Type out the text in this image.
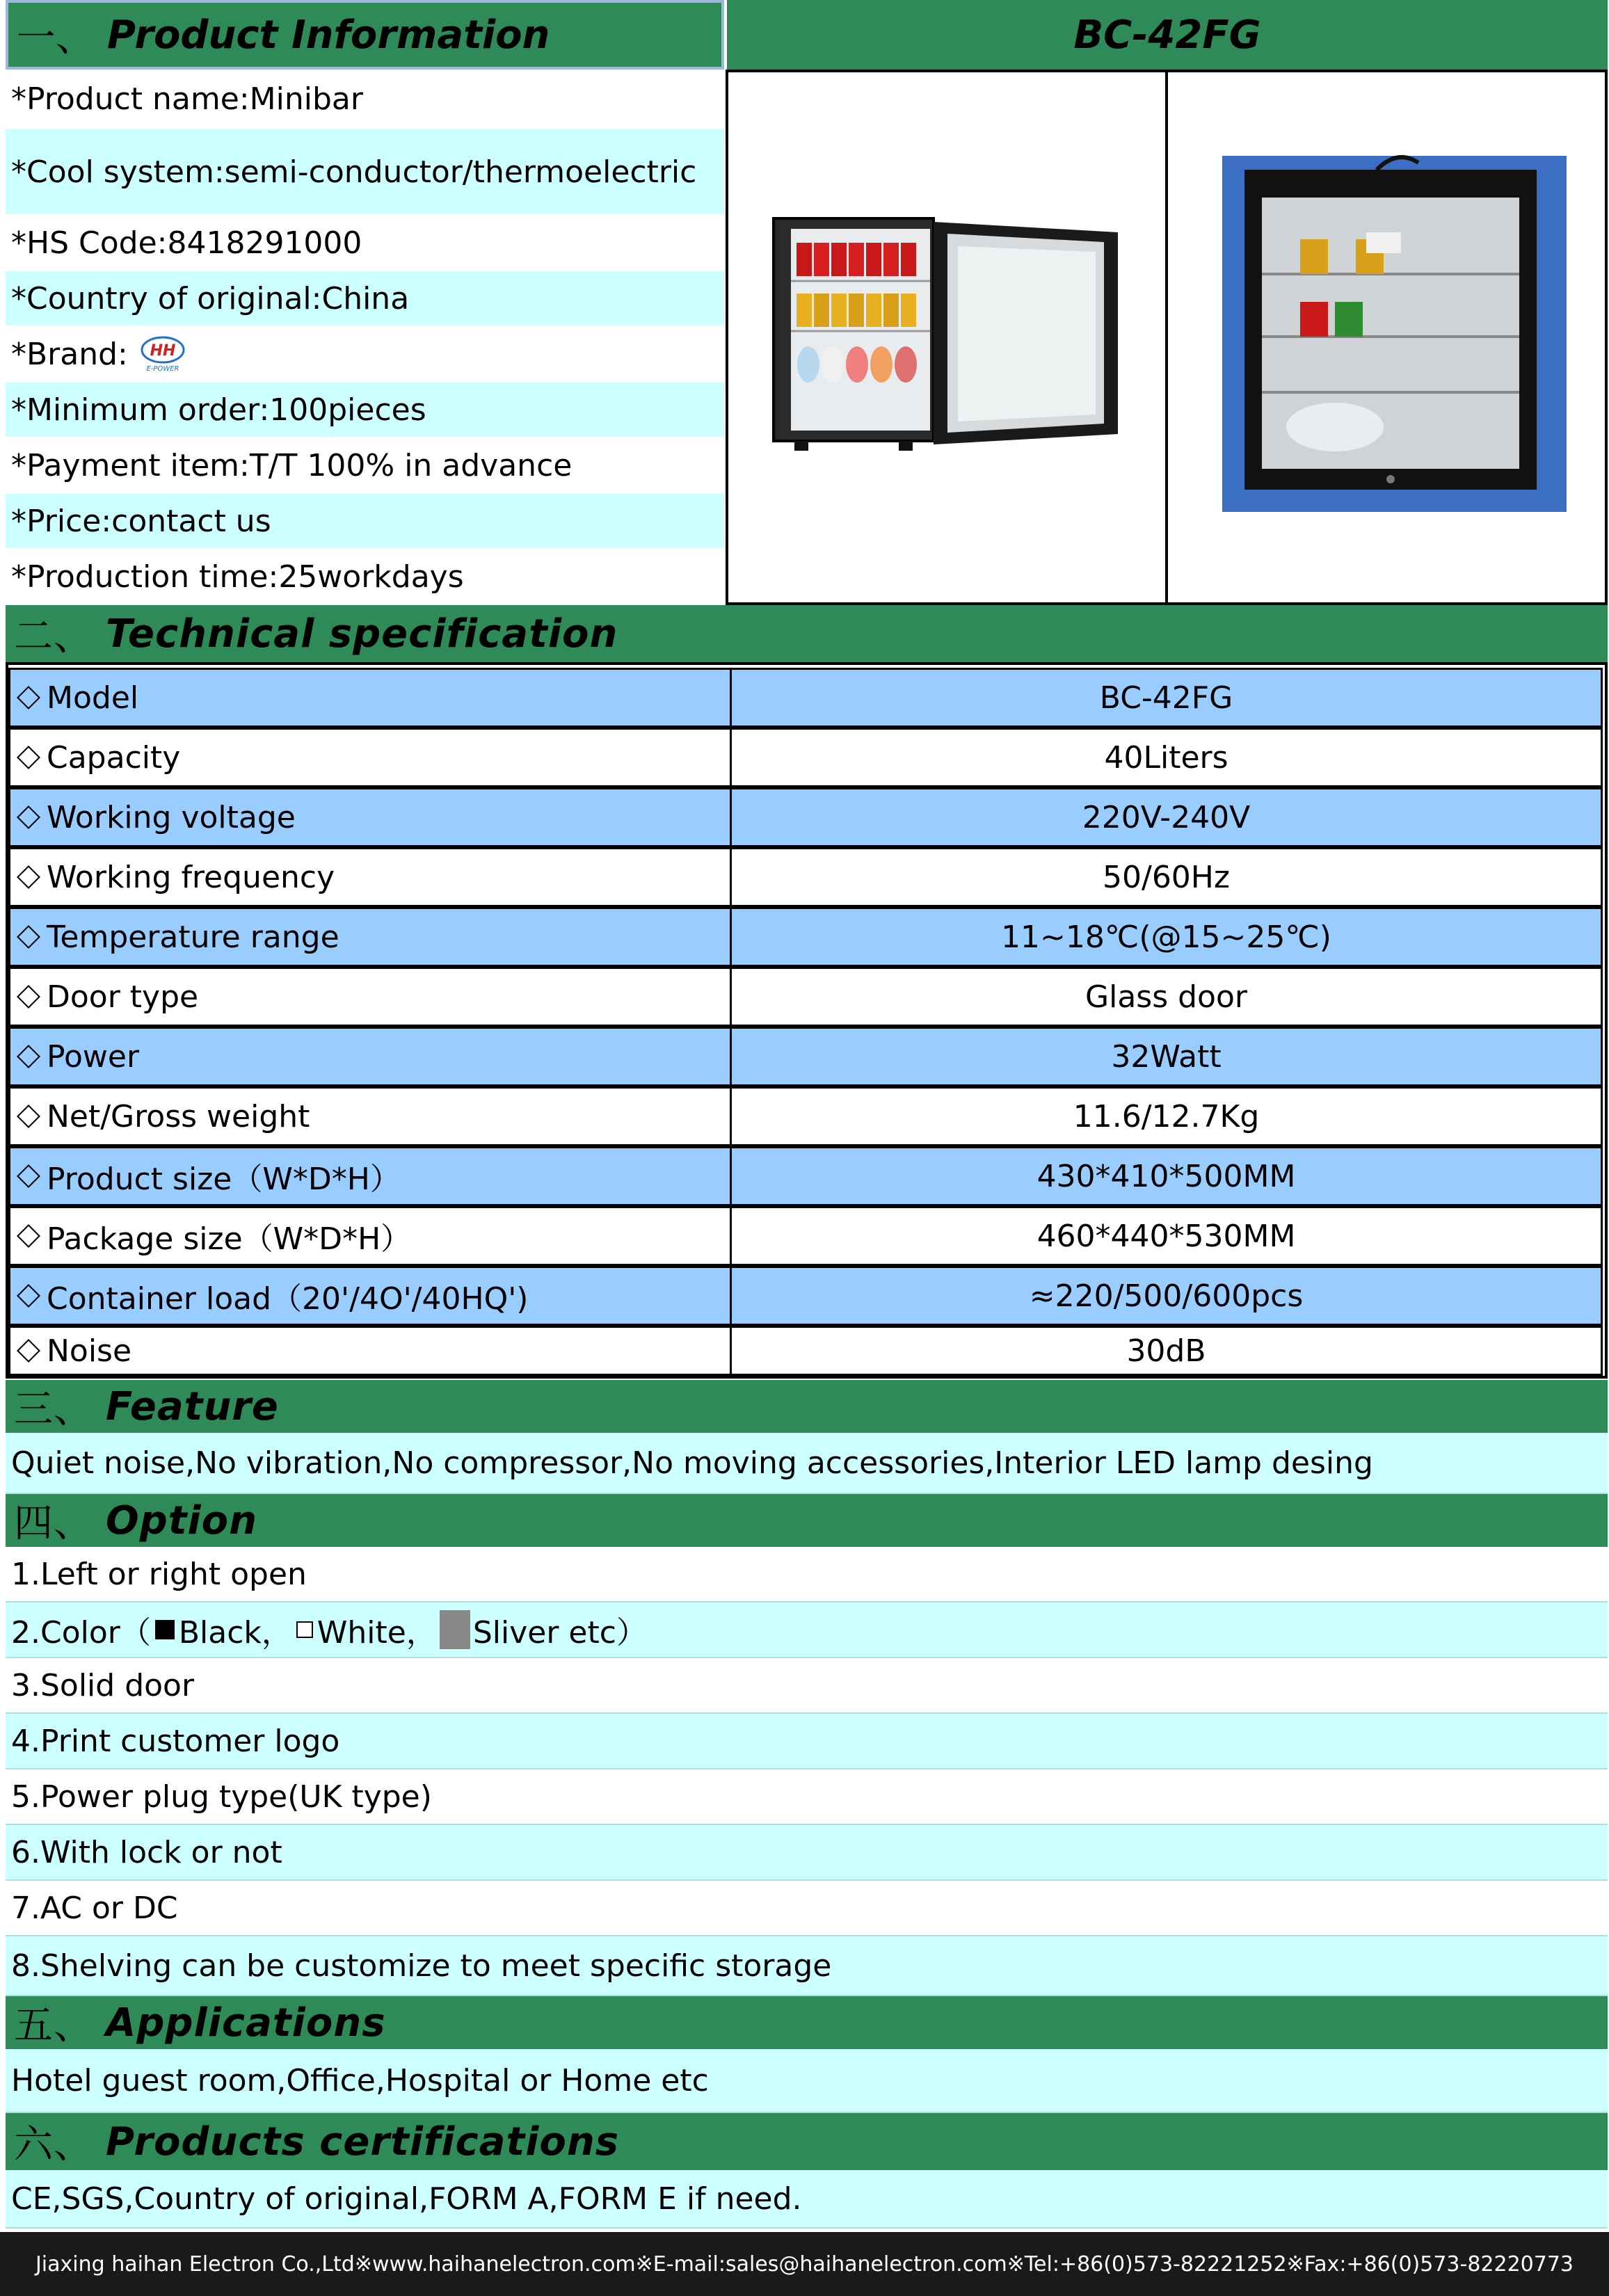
一、 Product Information	BC-42FG
*Product name:Minibar
*Cool system:semi-conductor/thermoelectric
*HS Code:8418291000
*Country of original:China
*Brand: HH
E-POWER
*Minimum order:100pieces
*Payment item:T/T 100% in advance
*Price:contact us
*Production time:25workdays
二、 Technical specification
Model	BC-42FG
Capacity	40Liters
Working voltage	220V-240V
Working frequency	50/60Hz
Temperature range	11~18℃(@15~25℃)
Door type	Glass door
Power	32Watt
Net/Gross weight	11.6/12.7Kg
Product size（W*D*H）	430*410*500MM
Package size（W*D*H）	460*440*530MM
Container load（20'/4O'/40HQ')	≈220/500/600pcs
Noise	30dB
三、 Feature
Quiet noise,No vibration,No compressor,No moving accessories,Interior LED lamp desing
四、 Option
1.Left or right open
2.Color（ Black， White， Sliver etc）
3.Solid door
4.Print customer logo
5.Power plug type(UK type)
6.With lock or not
7.AC or DC
8.Shelving can be customize to meet specific storage
五、 Applications
Hotel guest room,Office,Hospital or Home etc
六、 Products certifications
CE,SGS,Country of original,FORM A,FORM E if need.
Jiaxing haihan Electron Co.,Ltd※www.haihanelectron.com※E-mail:sales@haihanelectron.com※Tel:+86(0)573-82221252※Fax:+86(0)573-82220773
